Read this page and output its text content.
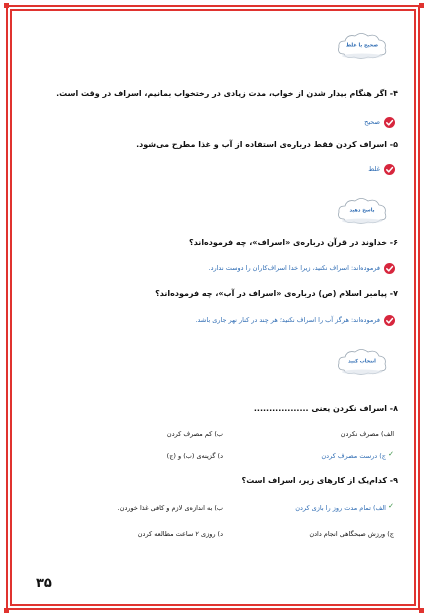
صحیح یا غلط
۴- اگر هنگام بیدار شدن از خواب، مدت زیادی در رختخواب بمانیم، اسراف در وقت است.
صحیح
۵- اسراف کردن فقط درباره‌ی استفاده از آب و غذا مطرح می‌شود.
غلط
پاسخ دهید
۶- خداوند در قرآن درباره‌ی «اسراف»، چه فرموده‌اند؟
فرموده‌اند: اسراف نکنید، زیرا خدا اسراف‌کاران را دوست ندارد.
۷- پیامبر اسلام (ص) درباره‌ی «اسراف در آب»، چه فرموده‌اند؟
فرموده‌اند: هرگز آب را اسراف نکنید؛ هر چند در کنار نهر جاری باشد.
انتخاب کنید
۸- اسراف نکردن یعنی ..................
الف) مصرف نکردن
ب) کم مصرف کردن
ج) درست مصرف کردن ✓
د) گزینه‌ی (ب) و (ج)
۹- کدام‌یک از کارهای زیر، اسراف است؟
الف) تمام مدت روز را بازی کردن ✓
ب) به اندازه‌ی لازم و کافی غذا خوردن.
ج) ورزش صبحگاهی انجام دادن
د) روزی ۲ ساعت مطالعه کردن
۳۵
